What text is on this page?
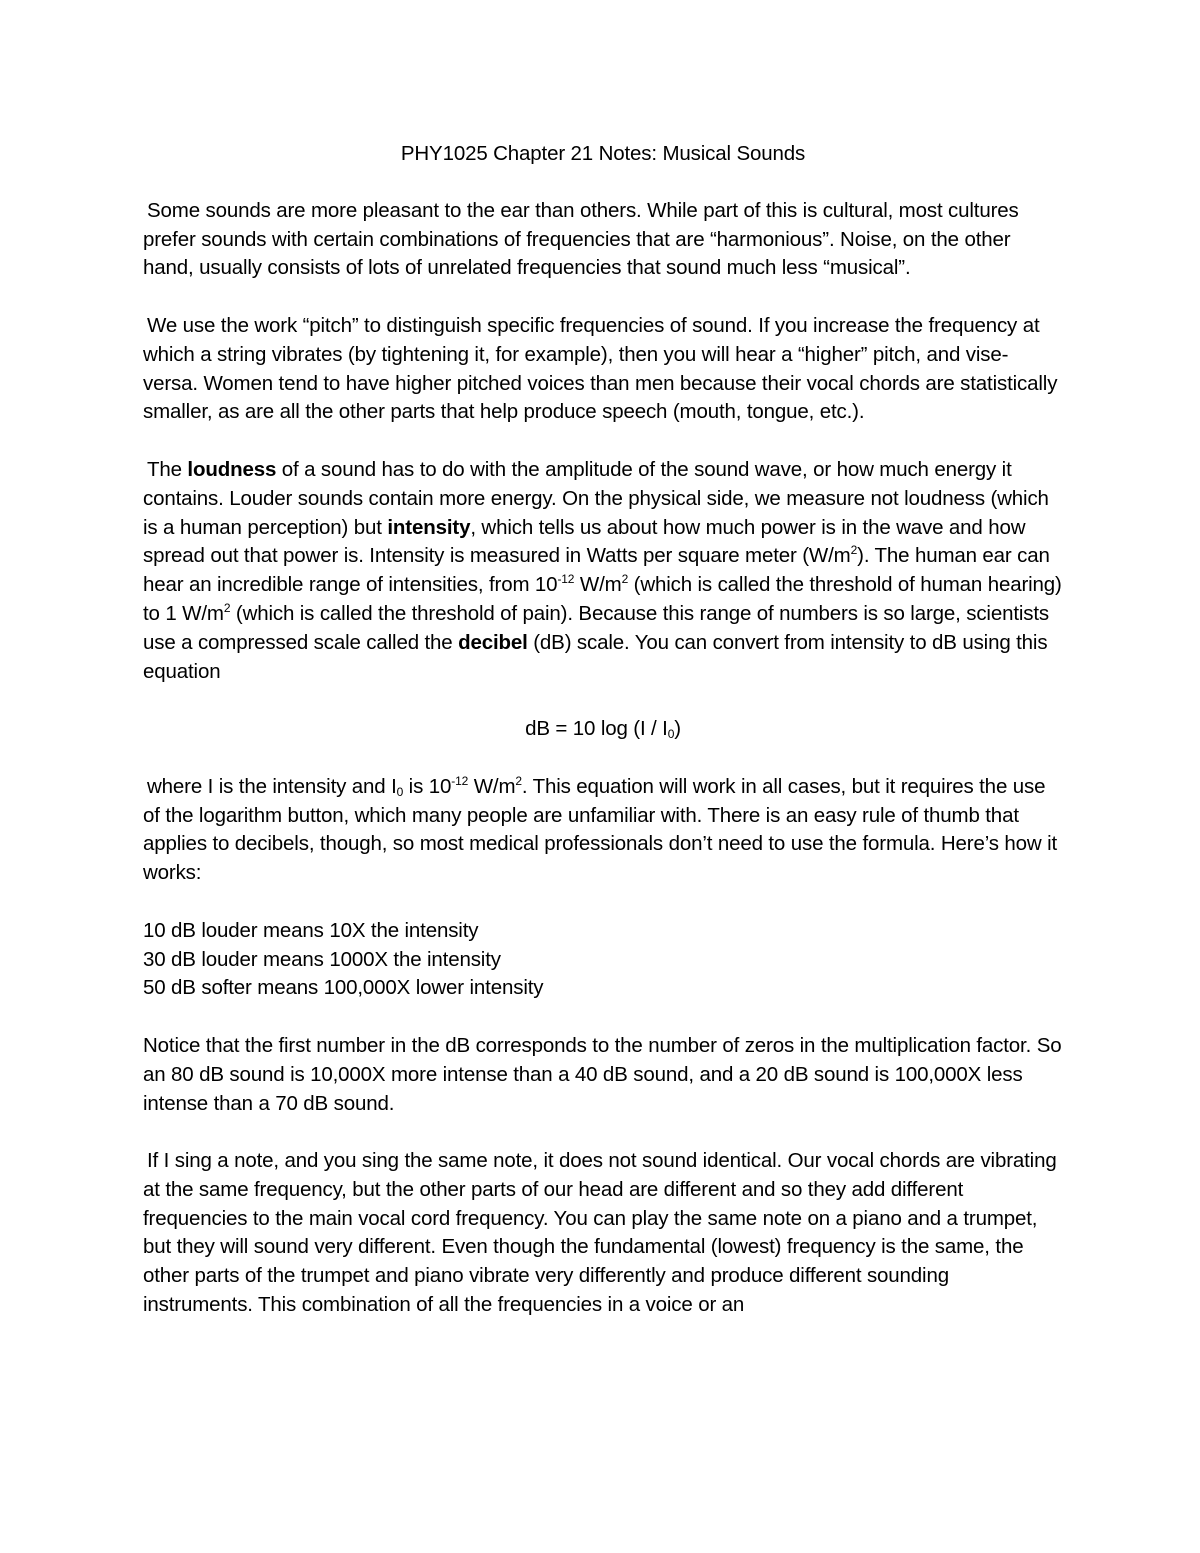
PHY1025 Chapter 21 Notes: Musical Sounds

Some sounds are more pleasant to the ear than others. While part of this is cultural, most cultures prefer sounds with certain combinations of frequencies that are “harmonious”. Noise, on the other hand, usually consists of lots of unrelated frequencies that sound much less “musical”.

We use the work “pitch” to distinguish specific frequencies of sound. If you increase the frequency at which a string vibrates (by tightening it, for example), then you will hear a “higher” pitch, and vise-versa. Women tend to have higher pitched voices than men because their vocal chords are statistically smaller, as are all the other parts that help produce speech (mouth, tongue, etc.).

The loudness of a sound has to do with the amplitude of the sound wave, or how much energy it contains. Louder sounds contain more energy. On the physical side, we measure not loudness (which is a human perception) but intensity, which tells us about how much power is in the wave and how spread out that power is. Intensity is measured in Watts per square meter $(W/m^2)$. The human ear can hear an incredible range of intensities, from $10^{-12}$ $W/m^2$ (which is called the threshold of human hearing) to 1 $W/m^2$ (which is called the threshold of pain). Because this range of numbers is so large, scientists use a compressed scale called the decibel (dB) scale. You can convert from intensity to dB using this equation

dB = 10 $\log (I / I_0)$

where I is the intensity and $I_0$ is $10^{-12}$ $W/m^2$. This equation will work in all cases, but it requires the use of the logarithm button, which many people are unfamiliar with. There is an easy rule of thumb that applies to decibels, though, so most medical professionals don’t need to use the formula. Here’s how it works:

10 dB louder means 10X the intensity
30 dB louder means 1000X the intensity
50 dB softer means 100,000X lower intensity

Notice that the first number in the dB corresponds to the number of zeros in the multiplication factor. So an 80 dB sound is 10,000X more intense than a 40 dB sound, and a 20 dB sound is 100,000X less intense than a 70 dB sound.

If I sing a note, and you sing the same note, it does not sound identical. Our vocal chords are vibrating at the same frequency, but the other parts of our head are different and so they add different frequencies to the main vocal cord frequency. You can play the same note on a piano and a trumpet, but they will sound very different. Even though the fundamental (lowest) frequency is the same, the other parts of the trumpet and piano vibrate very differently and produce different sounding instruments. This combination of all the frequencies in a voice or an
